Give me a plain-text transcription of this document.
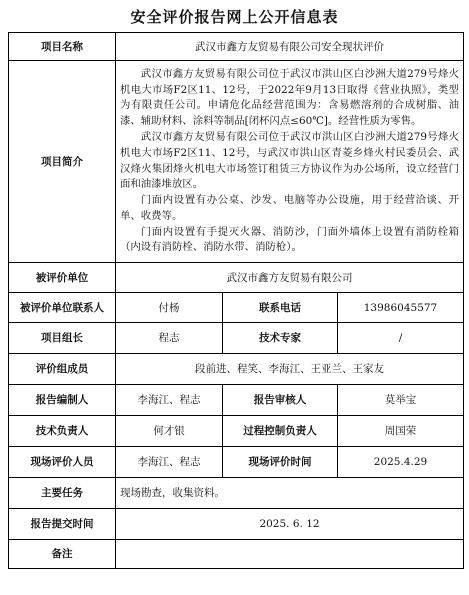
安全评价报告网上公开信息表
项目名称	武汉市鑫方友贸易有限公司安全现状评价		
项目简介	武汉市鑫方友贸易有限公司位于武汉市洪山区白沙洲大道279号烽火机电大市场F2区11、12号，于2022年9月13日取得《营业执照》，类型为有限责任公司。申请危化品经营范围为：含易燃溶剂的合成树脂、油漆、辅助材料、涂料等制品[闭杯闪点≤60℃]。经营性质为零售。

武汉市鑫方友贸易有限公司位于武汉市洪山区白沙洲大道279号烽火机电大市场F2区11、12号，与武汉市洪山区青菱乡烽火村民委员会、武汉烽火集团烽火机电大市场签订租赁三方协议作为办公场所，设立经营门面和油漆堆放区。

门面内设置有办公桌、沙发、电脑等办公设施，用于经营洽谈、开单、收费等。

门面内设置有手提灭火器、消防沙，门面外墙体上设置有消防栓箱（内设有消防栓、消防水带、消防枪）。		

被评价单位	武汉市鑫方友贸易有限公司		
被评价单位联系人	付杨	联系电话	13986045577
项目组长	程志	技术专家	/
评价组成员	段前进、程笑、李海江、王亚兰、王家友		
报告编制人	李海江、程志	报告审核人	莫举宝
技术负责人	何才银	过程控制负责人	周国荣
现场评价人员	李海江、程志	现场评价时间	2025.4.29
主要任务	现场勘查，收集资料。		
报告提交时间	2025. 6. 12		
备注			
